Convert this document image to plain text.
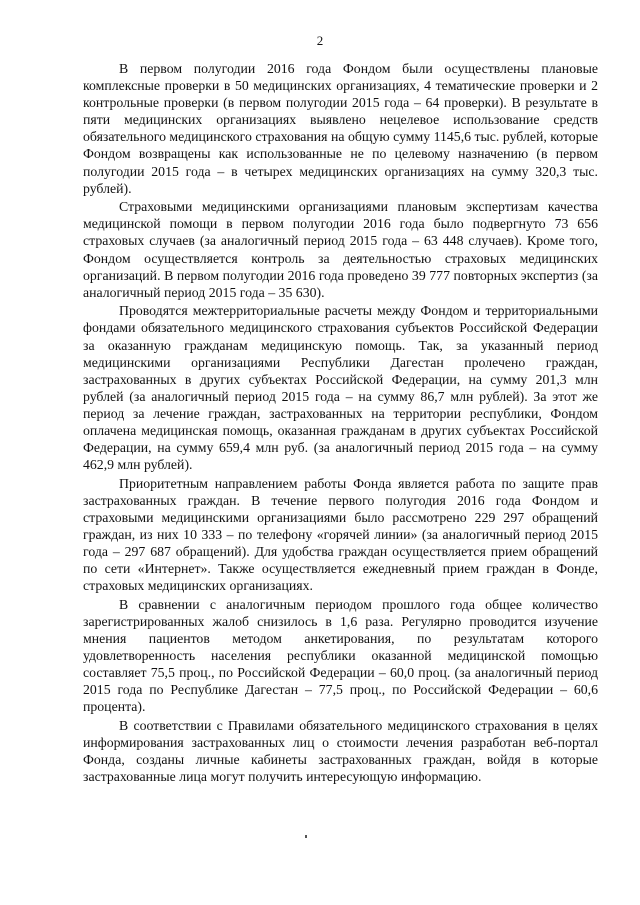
2

В первом полугодии 2016 года Фондом были осуществлены плановые комплексные проверки в 50 медицинских организациях, 4 тематические проверки и 2 контрольные проверки (в первом полугодии 2015 года – 64 проверки). В результате в пяти медицинских организациях выявлено нецелевое использование средств обязательного медицинского страхования на общую сумму 1145,6 тыс. рублей, которые Фондом возвращены как использованные не по целевому назначению (в первом полугодии 2015 года – в четырех медицинских организациях на сумму 320,3 тыс. рублей).

Страховыми медицинскими организациями плановым экспертизам качества медицинской помощи в первом полугодии 2016 года было подвергнуто 73 656 страховых случаев (за аналогичный период 2015 года – 63 448 случаев). Кроме того, Фондом осуществляется контроль за деятельностью страховых медицинских организаций. В первом полугодии 2016 года проведено 39 777 повторных экспертиз (за аналогичный период 2015 года – 35 630).

Проводятся межтерриториальные расчеты между Фондом и территориальными фондами обязательного медицинского страхования субъектов Российской Федерации за оказанную гражданам медицинскую помощь. Так, за указанный период медицинскими организациями Республики Дагестан пролечено граждан, застрахованных в других субъектах Российской Федерации, на сумму 201,3 млн рублей (за аналогичный период 2015 года – на сумму 86,7 млн рублей). За этот же период за лечение граждан, застрахованных на территории республики, Фондом оплачена медицинская помощь, оказанная гражданам в других субъектах Российской Федерации, на сумму 659,4 млн руб. (за аналогичный период 2015 года – на сумму 462,9 млн рублей).

Приоритетным направлением работы Фонда является работа по защите прав застрахованных граждан. В течение первого полугодия 2016 года Фондом и страховыми медицинскими организациями было рассмотрено 229 297 обращений граждан, из них 10 333 – по телефону «горячей линии» (за аналогичный период 2015 года – 297 687 обращений). Для удобства граждан осуществляется прием обращений по сети «Интернет». Также осуществляется ежедневный прием граждан в Фонде, страховых медицинских организациях.

В сравнении с аналогичным периодом прошлого года общее количество зарегистрированных жалоб снизилось в 1,6 раза. Регулярно проводится изучение мнения пациентов методом анкетирования, по результатам которого удовлетворенность населения республики оказанной медицинской помощью составляет 75,5 проц., по Российской Федерации – 60,0 проц. (за аналогичный период 2015 года по Республике Дагестан – 77,5 проц., по Российской Федерации – 60,6 процента).

В соответствии с Правилами обязательного медицинского страхования в целях информирования застрахованных лиц о стоимости лечения разработан веб-портал Фонда, созданы личные кабинеты застрахованных граждан, войдя в которые застрахованные лица могут получить интересующую информацию.
